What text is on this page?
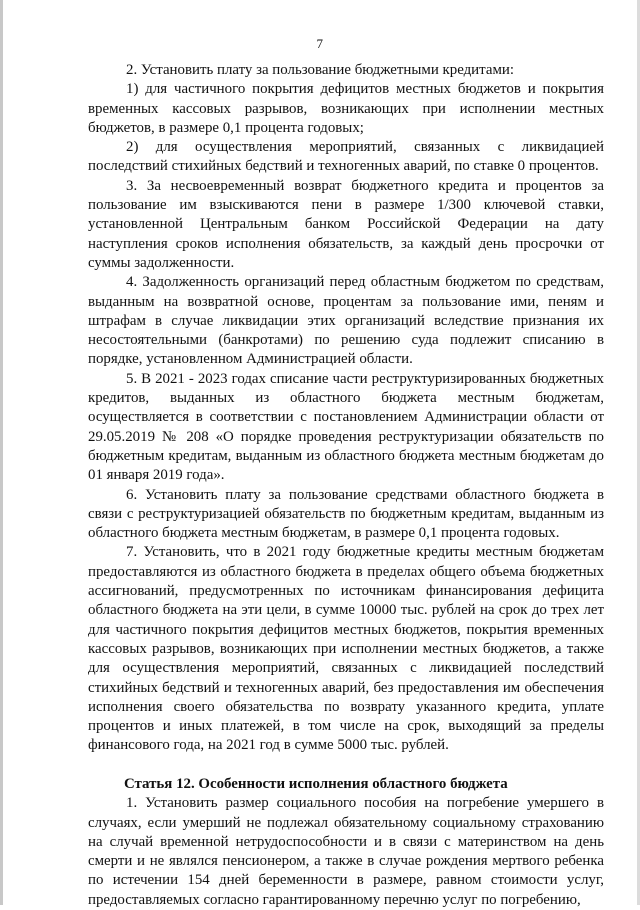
7

2. Установить плату за пользование бюджетными кредитами:

1) для частичного покрытия дефицитов местных бюджетов и покрытия временных кассовых разрывов, возникающих при исполнении местных бюджетов, в размере 0,1 процента годовых;

2) для осуществления мероприятий, связанных с ликвидацией последствий стихийных бедствий и техногенных аварий, по ставке 0 процентов.

3. За несвоевременный возврат бюджетного кредита и процентов за пользование им взыскиваются пени в размере 1/300 ключевой ставки, установленной Центральным банком Российской Федерации на дату наступления сроков исполнения обязательств, за каждый день просрочки от суммы задолженности.

4. Задолженность организаций перед областным бюджетом по средствам, выданным на возвратной основе, процентам за пользование ими, пеням и штрафам в случае ликвидации этих организаций вследствие признания их несостоятельными (банкротами) по решению суда подлежит списанию в порядке, установленном Администрацией области.

5. В 2021 - 2023 годах списание части реструктуризированных бюджетных кредитов, выданных из областного бюджета местным бюджетам, осуществляется в соответствии с постановлением Администрации области от 29.05.2019 № 208 «О порядке проведения реструктуризации обязательств по бюджетным кредитам, выданным из областного бюджета местным бюджетам до 01 января 2019 года».

6. Установить плату за пользование средствами областного бюджета в связи с реструктуризацией обязательств по бюджетным кредитам, выданным из областного бюджета местным бюджетам, в размере 0,1 процента годовых.

7. Установить, что в 2021 году бюджетные кредиты местным бюджетам предоставляются из областного бюджета в пределах общего объема бюджетных ассигнований, предусмотренных по источникам финансирования дефицита областного бюджета на эти цели, в сумме 10000 тыс. рублей на срок до трех лет для частичного покрытия дефицитов местных бюджетов, покрытия временных кассовых разрывов, возникающих при исполнении местных бюджетов, а также для осуществления мероприятий, связанных с ликвидацией последствий стихийных бедствий и техногенных аварий, без предоставления им обеспечения исполнения своего обязательства по возврату указанного кредита, уплате процентов и иных платежей, в том числе на срок, выходящий за пределы финансового года, на 2021 год в сумме 5000 тыс. рублей.

Статья 12. Особенности исполнения областного бюджета

1. Установить размер социального пособия на погребение умершего в случаях, если умерший не подлежал обязательному социальному страхованию на случай временной нетрудоспособности и в связи с материнством на день смерти и не являлся пенсионером, а также в случае рождения мертвого ребенка по истечении 154 дней беременности в размере, равном стоимости услуг, предоставляемых согласно гарантированному перечню услуг по погребению,
